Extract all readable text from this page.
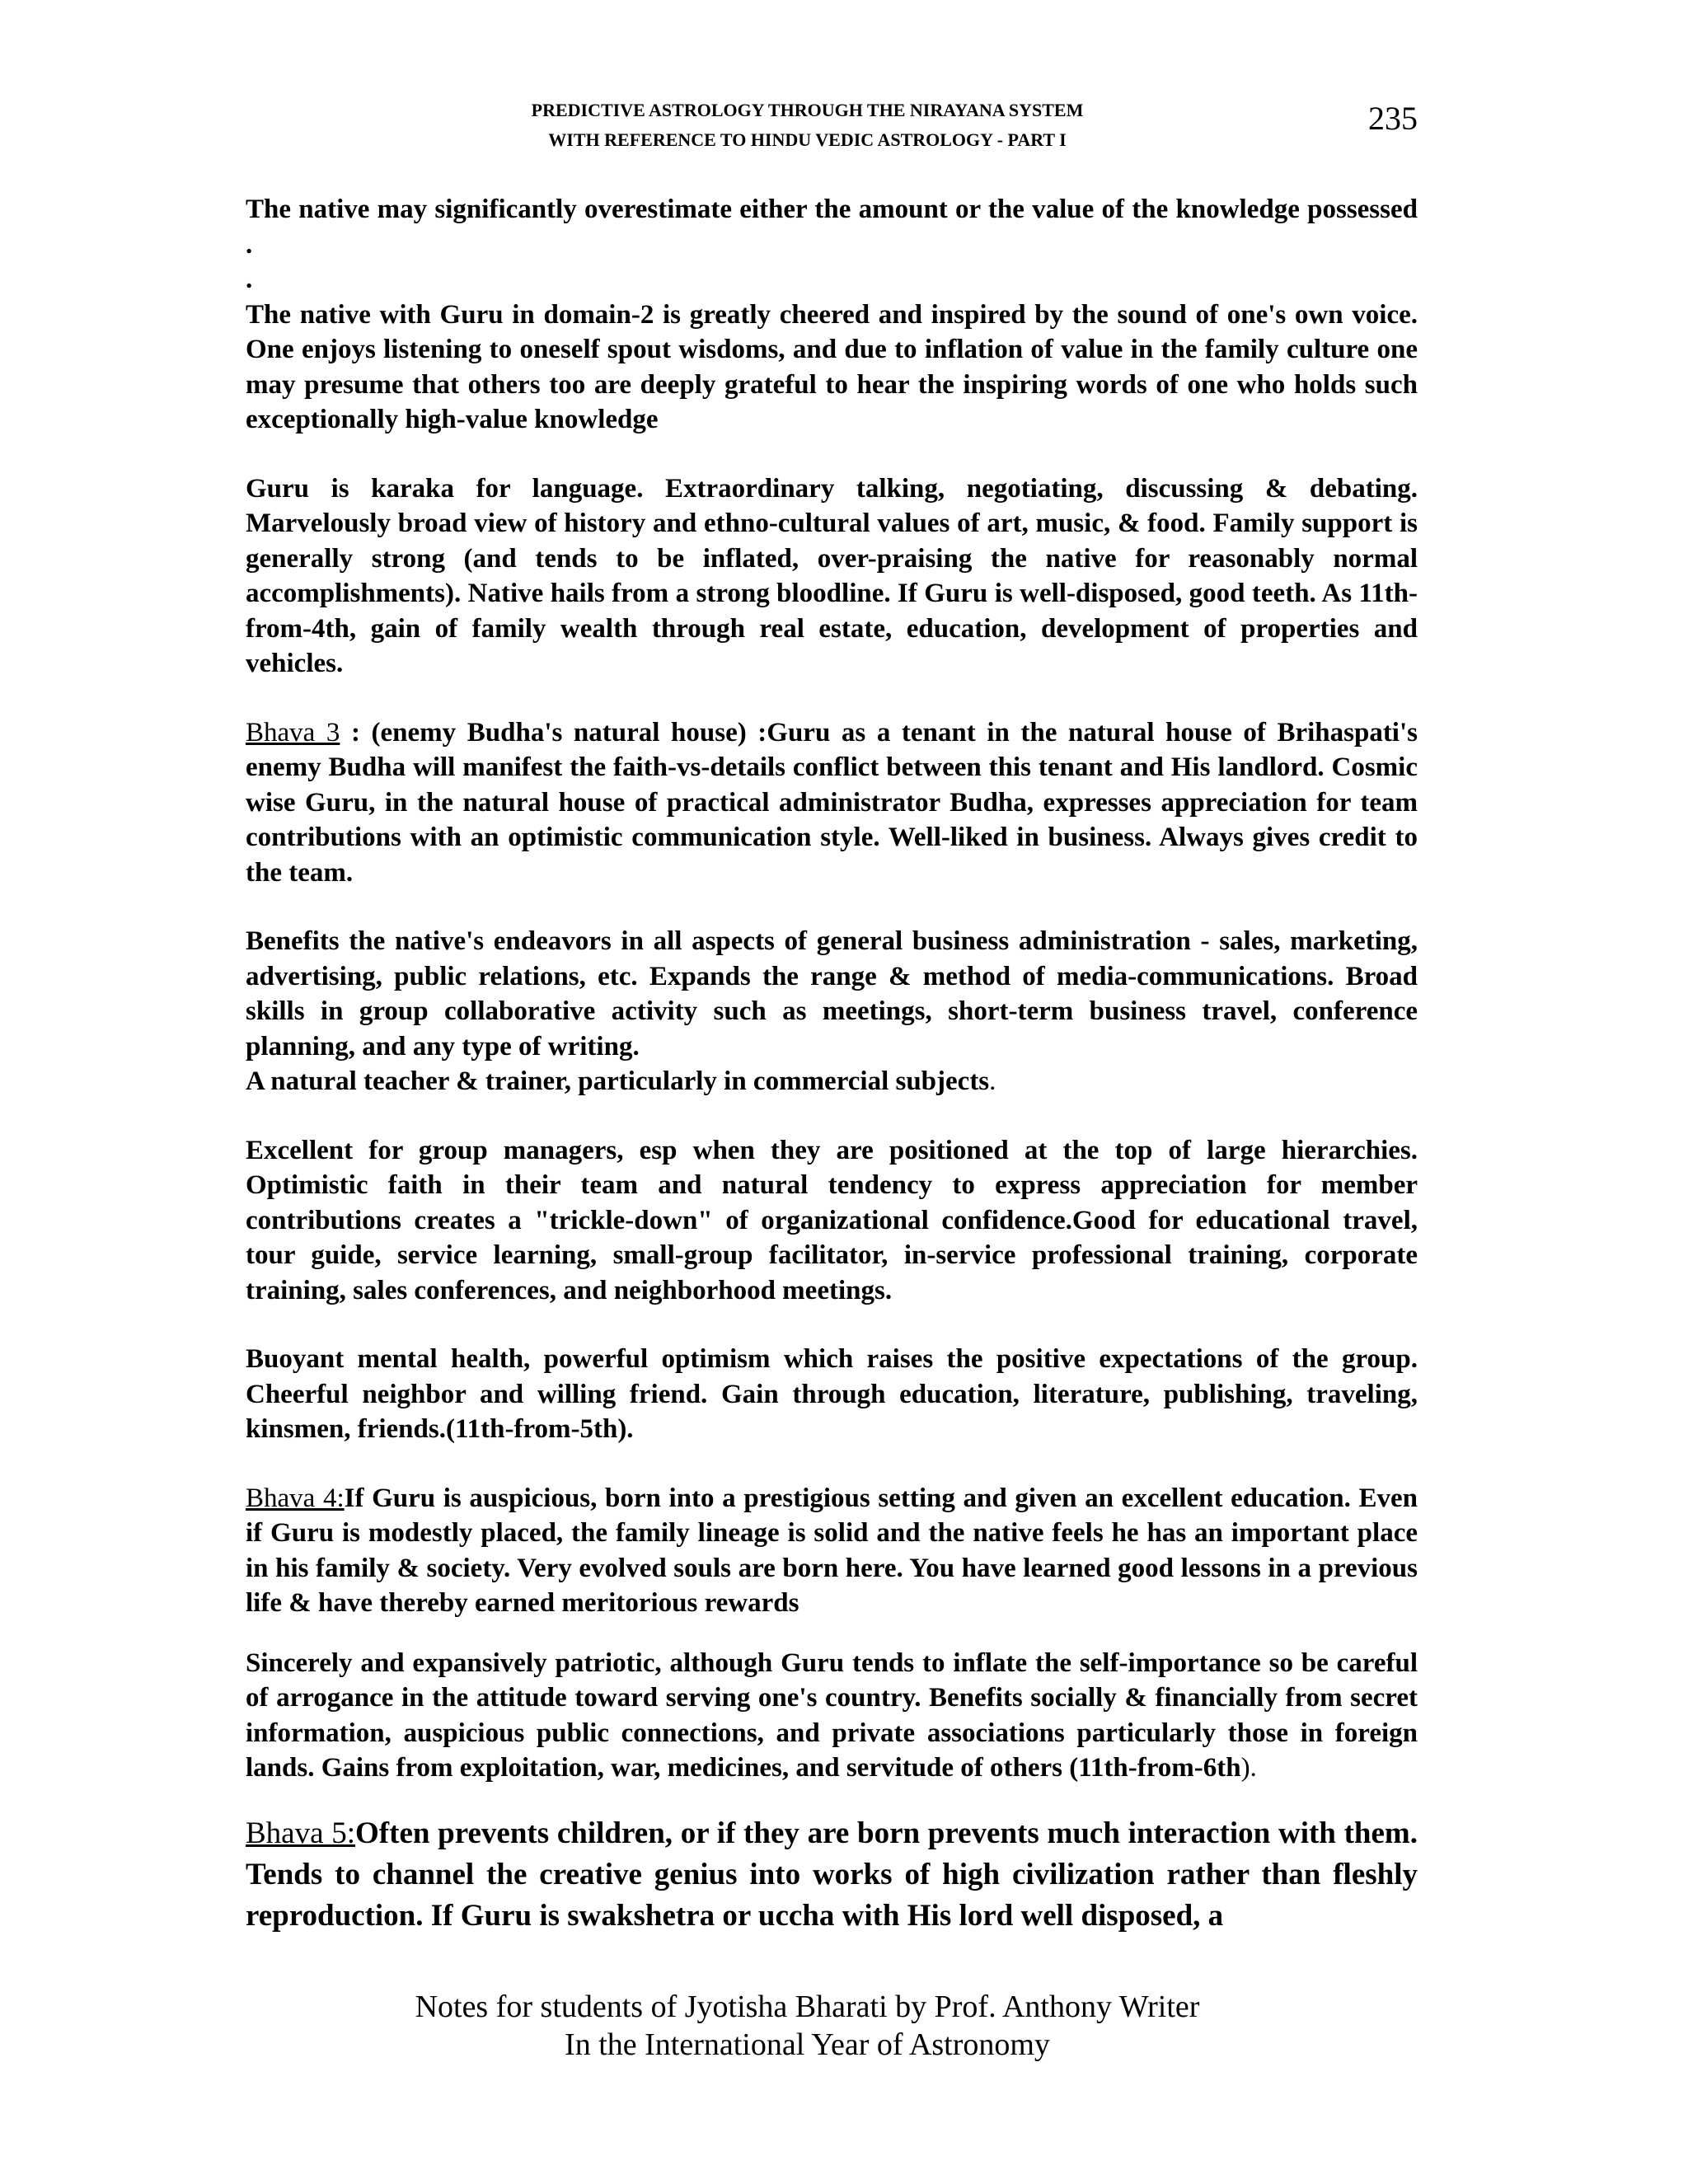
PREDICTIVE ASTROLOGY THROUGH THE NIRAYANA SYSTEM
WITH REFERENCE TO HINDU VEDIC ASTROLOGY - PART I
235

The native may significantly overestimate either the amount or the value of the knowledge possessed .

.

The native with Guru in domain-2 is greatly cheered and inspired by the sound of one's own voice. One enjoys listening to oneself spout wisdoms, and due to inflation of value in the family culture one may presume that others too are deeply grateful to hear the inspiring words of one who holds such exceptionally high-value knowledge

Guru is karaka for language. Extraordinary talking, negotiating, discussing & debating. Marvelously broad view of history and ethno-cultural values of art, music, & food. Family support is generally strong (and tends to be inflated, over-praising the native for reasonably normal accomplishments). Native hails from a strong bloodline. If Guru is well-disposed, good teeth. As 11th-from-4th, gain of family wealth through real estate, education, development of properties and vehicles.

Bhava 3 : (enemy Budha's natural house) :Guru as a tenant in the natural house of Brihaspati's enemy Budha will manifest the faith-vs-details conflict between this tenant and His landlord. Cosmic wise Guru, in the natural house of practical administrator Budha, expresses appreciation for team contributions with an optimistic communication style. Well-liked in business. Always gives credit to the team.

Benefits the native's endeavors in all aspects of general business administration - sales, marketing, advertising, public relations, etc. Expands the range & method of media-communications. Broad skills in group collaborative activity such as meetings, short-term business travel, conference planning, and any type of writing.

A natural teacher & trainer, particularly in commercial subjects.

Excellent for group managers, esp when they are positioned at the top of large hierarchies. Optimistic faith in their team and natural tendency to express appreciation for member contributions creates a "trickle-down" of organizational confidence.Good for educational travel, tour guide, service learning, small-group facilitator, in-service professional training, corporate training, sales conferences, and neighborhood meetings.

Buoyant mental health, powerful optimism which raises the positive expectations of the group. Cheerful neighbor and willing friend. Gain through education, literature, publishing, traveling, kinsmen, friends.(11th-from-5th).

Bhava 4:If Guru is auspicious, born into a prestigious setting and given an excellent education. Even if Guru is modestly placed, the family lineage is solid and the native feels he has an important place in his family & society. Very evolved souls are born here. You have learned good lessons in a previous life & have thereby earned meritorious rewards

Sincerely and expansively patriotic, although Guru tends to inflate the self-importance so be careful of arrogance in the attitude toward serving one's country. Benefits socially & financially from secret information, auspicious public connections, and private associations particularly those in foreign lands. Gains from exploitation, war, medicines, and servitude of others (11th-from-6th).

Bhava 5:Often prevents children, or if they are born prevents much interaction with them. Tends to channel the creative genius into works of high civilization rather than fleshly reproduction. If Guru is swakshetra or uccha with His lord well disposed, a

Notes for students of Jyotisha Bharati by Prof. Anthony Writer
In the International Year of Astronomy
